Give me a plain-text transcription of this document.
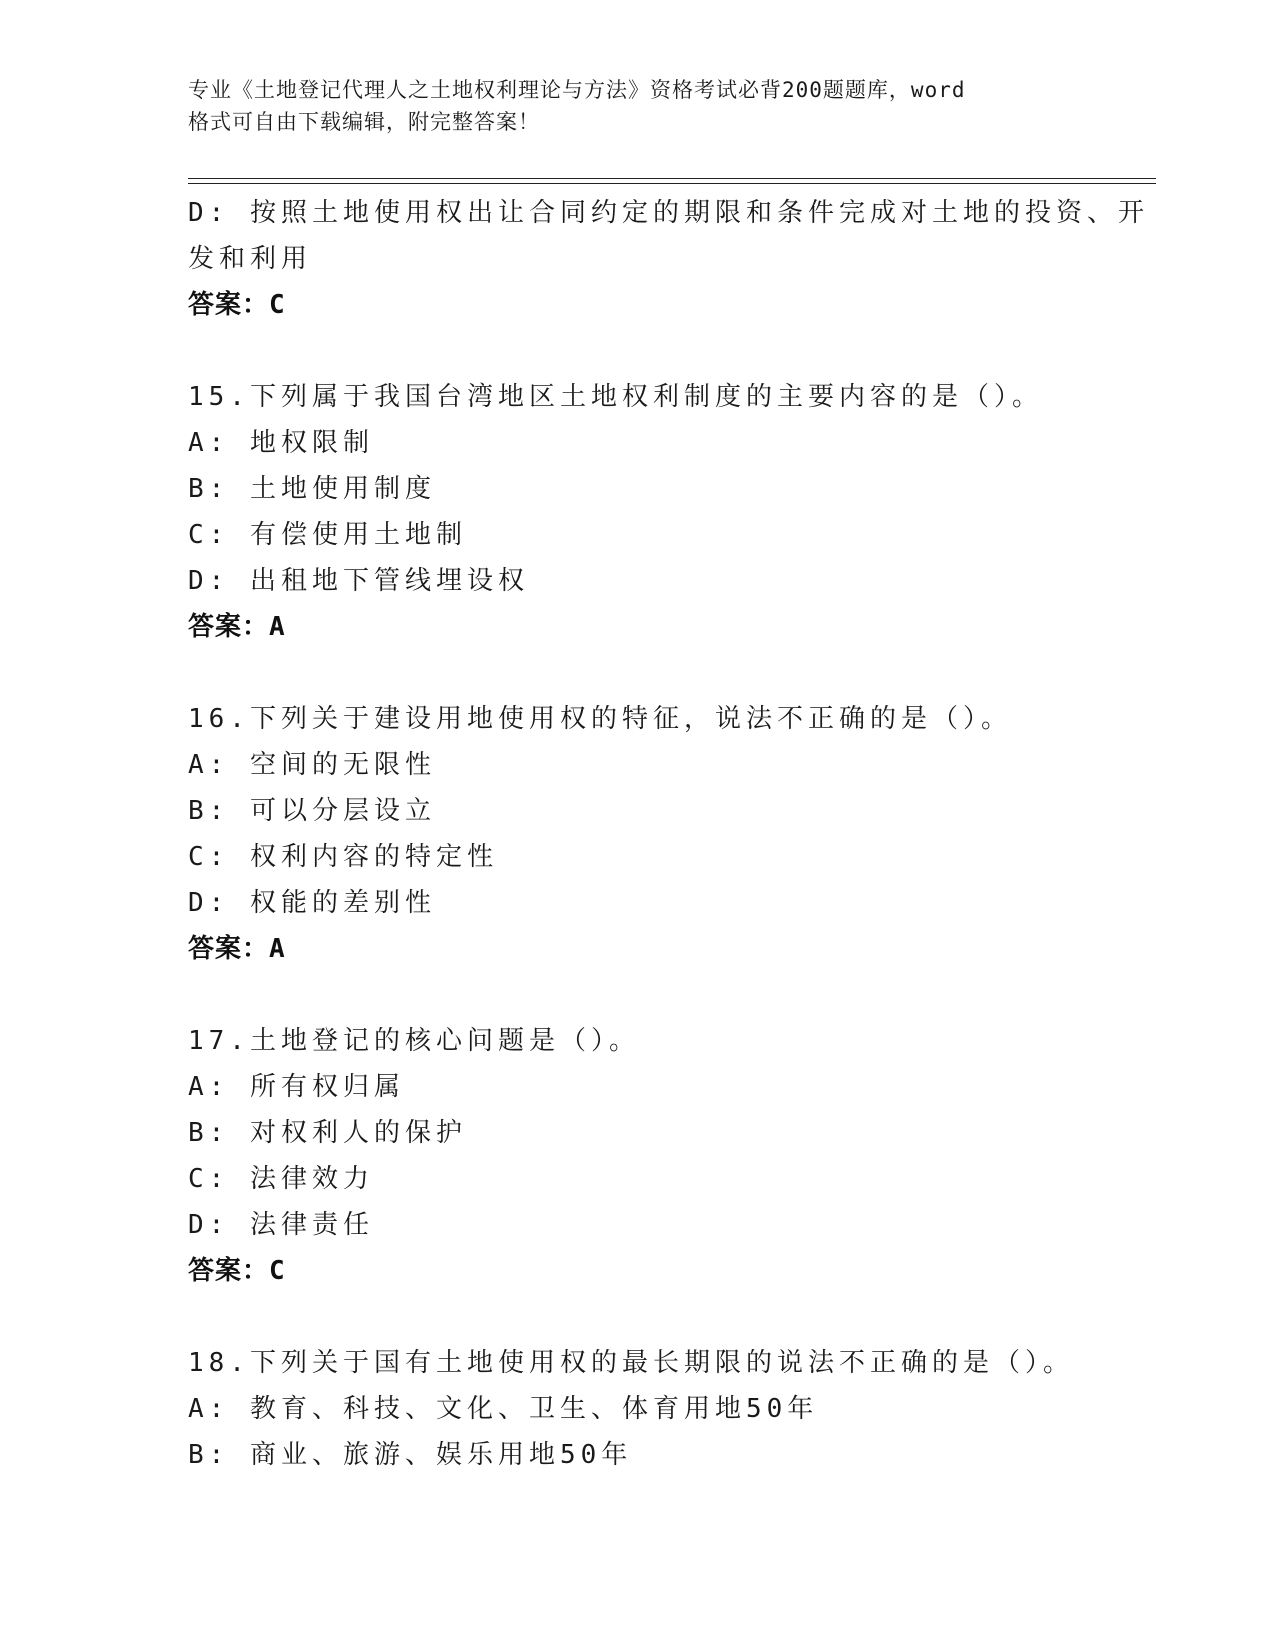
专业《土地登记代理人之土地权利理论与方法》资格考试必背200题题库，word
格式可自由下载编辑，附完整答案！
D: 按照土地使用权出让合同约定的期限和条件完成对土地的投资、开
发和利用
答案：C
15.下列属于我国台湾地区土地权利制度的主要内容的是（）。
A: 地权限制
B: 土地使用制度
C: 有偿使用土地制
D: 出租地下管线埋设权
答案：A
16.下列关于建设用地使用权的特征，说法不正确的是（）。
A: 空间的无限性
B: 可以分层设立
C: 权利内容的特定性
D: 权能的差别性
答案：A
17.土地登记的核心问题是（）。
A: 所有权归属
B: 对权利人的保护
C: 法律效力
D: 法律责任
答案：C
18.下列关于国有土地使用权的最长期限的说法不正确的是（）。
A: 教育、科技、文化、卫生、体育用地50年
B: 商业、旅游、娱乐用地50年
